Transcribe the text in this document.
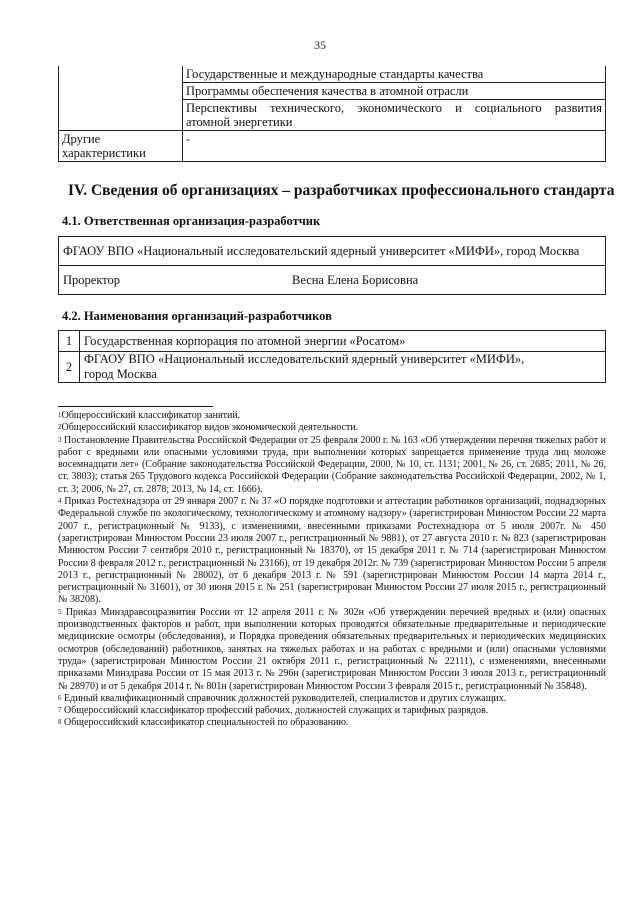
35
	Государственные и международные стандарты качества
	Программы обеспечения качества в атомной отрасли

	Перспективы технического, экономического и социального развития
атомной энергетики

Другие характеристики	-
IV. Сведения об организациях – разработчиках профессионального стандарта
4.1. Ответственная организация-разработчик
ФГАОУ ВПО «Национальный исследовательский ядерный университет «МИФИ», город Москва
Проректор	Весна Елена Борисовна
4.2. Наименования организаций-разработчиков
1	Государственная корпорация по атомной энергии «Росатом»
2	ФГАОУ ВПО «Национальный исследовательский ядерный университет «МИФИ», город Москва

$^1$Общероссийский классификатор занятий.

$^2$Общероссийский классификатор видов экономической деятельности.

$^3$ Постановление Правительства Российской Федерации от 25 февраля 2000 г. № 163 «Об утверждении перечня тяжелых работ и работ с вредными или опасными условиями труда, при выполнении которых запрещается применение труда лиц моложе восемнадцати лет» (Собрание законодательства Российской Федерации, 2000, № 10, ст. 1131; 2001, № 26, ст. 2685; 2011, № 26, ст. 3803); статья 265 Трудового кодекса Российской Федерации (Собрание законодательства Российской Федерации, 2002, № 1, ст. 3; 2006, № 27, ст. 2878; 2013, № 14, ст. 1666).

$^4$ Приказ Ростехнадзора от 29 января 2007 г. № 37 «О порядке подготовки и аттестации работников организаций, поднадзорных Федеральной службе по экологическому, технологическому и атомному надзору» (зарегистрирован Минюстом России 22 марта 2007 г., регистрационный № 9133), с изменениями, внесенными приказами Ростехнадзора от 5 июля 2007г. № 450 (зарегистрирован Минюстом России 23 июля 2007 г., регистрационный № 9881), от 27 августа 2010 г. № 823 (зарегистрирован Минюстом России 7 сентября 2010 г., регистрационный № 18370), от 15 декабря 2011 г. № 714 (зарегистрирован Минюстом России 8 февраля 2012 г., регистрационный № 23166), от 19 декабря 2012г. № 739 (зарегистрирован Минюстом России 5 апреля 2013 г., регистрационный № 28002), от 6 декабря 2013 г. № 591 (зарегистрирован Минюстом России 14 марта 2014 г., регистрационный № 31601), от 30 июня 2015 г. № 251 (зарегистрирован Минюстом России 27 июля 2015 г., регистрационный № 38208).

$^5$ Приказ Минздравсоцразвития России от 12 апреля 2011 г. № 302н «Об утверждении перечней вредных и (или) опасных производственных факторов и работ, при выполнении которых проводятся обязательные предварительные и периодические медицинские осмотры (обследования), и Порядка проведения обязательных предварительных и периодических медицинских осмотров (обследований) работников, занятых на тяжелых работах и на работах с вредными и (или) опасными условиями труда» (зарегистрирован Минюстом России 21 октября 2011 г., регистрационный № 22111), с изменениями, внесенными приказами Минздрава России от 15 мая 2013 г. № 296н (зарегистрирован Минюстом России 3 июля 2013 г., регистрационный № 28970) и от 5 декабря 2014 г. № 801н (зарегистрирован Минюстом России 3 февраля 2015 г., регистрационный № 35848).

$^6$ Единый квалификационный справочник должностей руководителей, специалистов и других служащих.

$^7$ Общероссийский классификатор профессий рабочих, должностей служащих и тарифных разрядов.

$^8$ Общероссийский классификатор специальностей по образованию.
